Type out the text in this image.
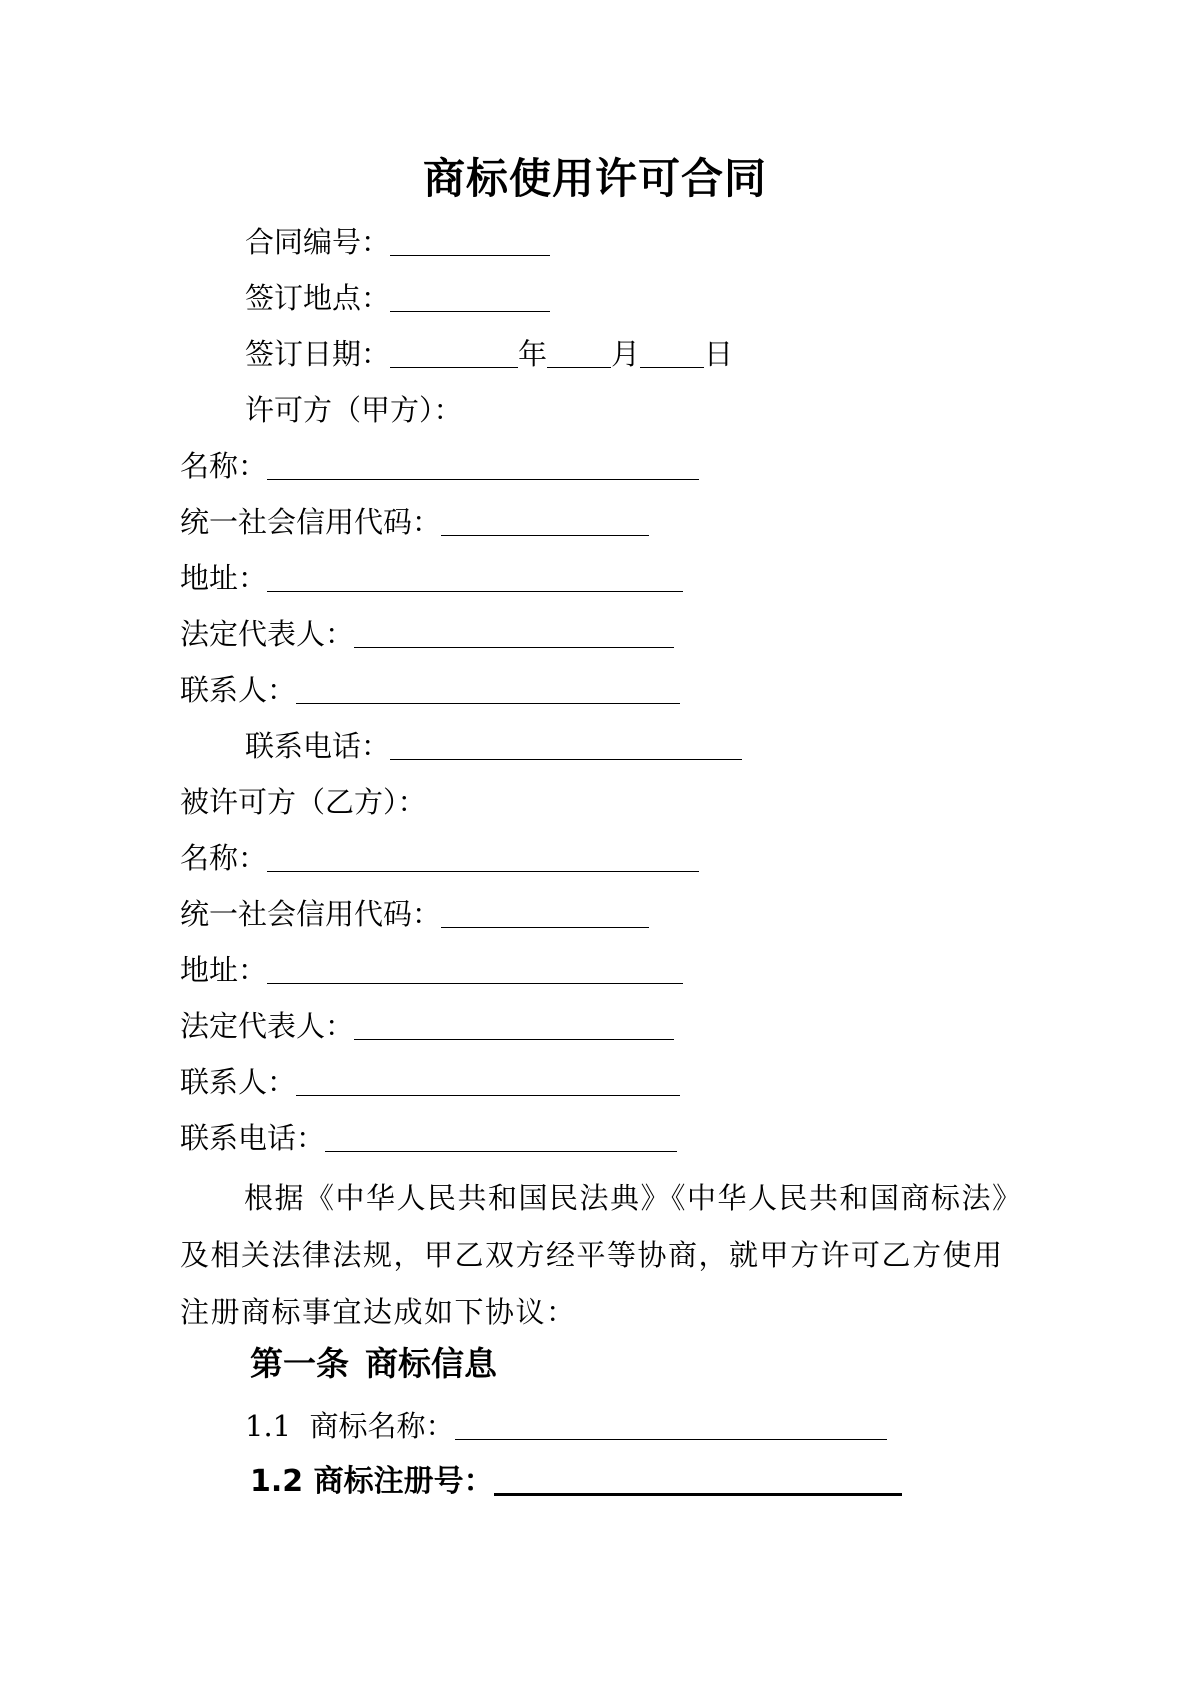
商标使用许可合同
合同编号：
签订地点：
签订日期：	年 月 日
许可方（甲方）：
名称：
统一社会信用代码：
地址：
法定代表人：
联系人：
联系电话：
被许可方（乙方）：
名称：
统一社会信用代码：
地址：
法定代表人：
联系人：
联系电话：
根据《中华人民共和国民法典》《中华人民共和国商标法》及相关法律法规，甲乙双方经平等协商，就甲方许可乙方使用注册商标事宜达成如下协议：
第一条 商标信息
1.1  商标名称：
1.2 商标注册号：
